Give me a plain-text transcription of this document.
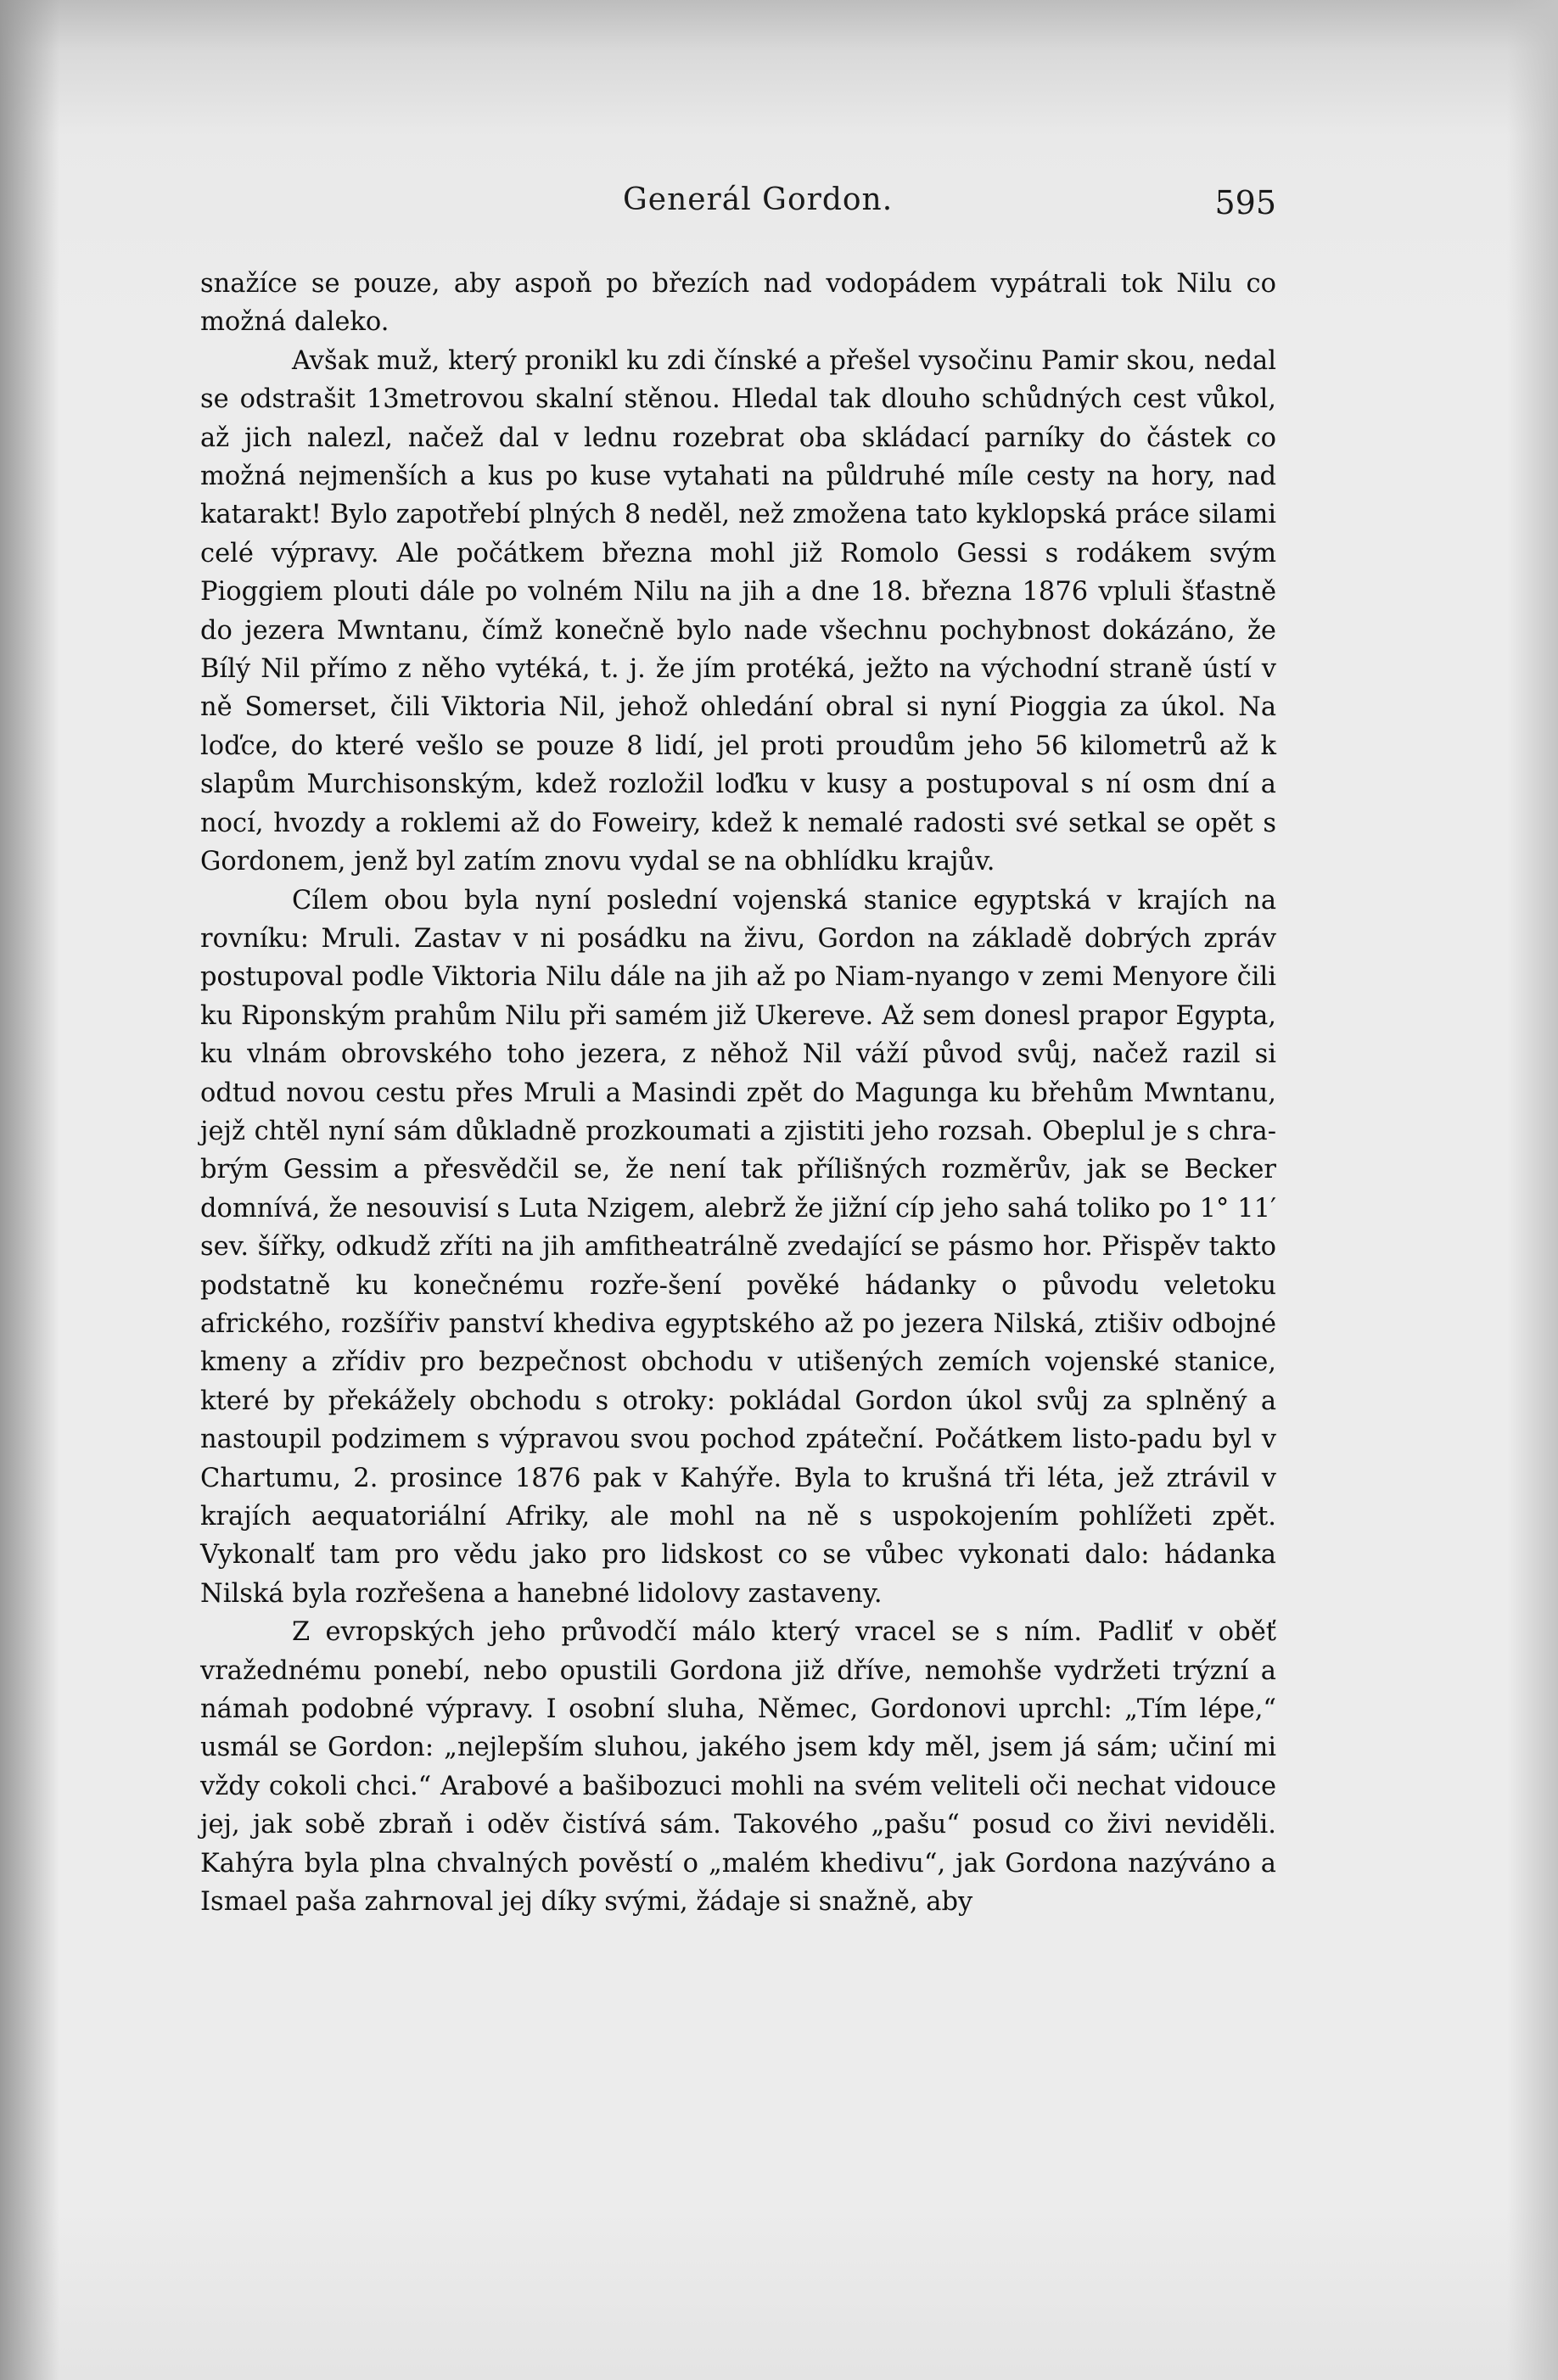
Generál Gordon.	595

snažíce se pouze, aby aspoň po březích nad vodopádem vypátrali tok Nilu co možná daleko.

Avšak muž, který pronikl ku zdi čínské a přešel vysočinu Pamir skou, nedal se odstrašit 13metrovou skalní stěnou. Hledal tak dlouho schůdných cest vůkol, až jich nalezl, načež dal v lednu rozebrat oba skládací parníky do částek co možná nejmenších a kus po kuse vytahati na půldruhé míle cesty na hory, nad katarakt! Bylo zapotřebí plných 8 neděl, než zmožena tato kyklopská práce silami celé výpravy. Ale počátkem března mohl již Romolo Gessi s rodákem svým Pioggiem plouti dále po volném Nilu na jih a dne 18. března 1876 vpluli šťastně do jezera Mwntanu, čímž konečně bylo nade všechnu pochybnost dokázáno, že Bílý Nil přímo z něho vytéká, t. j. že jím protéká, ježto na východní straně ústí v ně Somerset, čili Viktoria Nil, jehož ohledání obral si nyní Pioggia za úkol. Na loďce, do které vešlo se pouze 8 lidí, jel proti proudům jeho 56 kilometrů až k slapům Murchisonským, kdež rozložil loďku v kusy a postupoval s ní osm dní a nocí, hvozdy a roklemi až do Foweiry, kdež k nemalé radosti své setkal se opět s Gordonem, jenž byl zatím znovu vydal se na obhlídku krajův.

Cílem obou byla nyní poslední vojenská stanice egyptská v krajích na rovníku: Mruli. Zastav v ni posádku na živu, Gordon na základě dobrých zpráv postupoval podle Viktoria Nilu dále na jih až po Niam-nyango v zemi Menyore čili ku Riponským prahům Nilu při samém již Ukereve. Až sem donesl prapor Egypta, ku vlnám obrovského toho jezera, z něhož Nil váží původ svůj, načež razil si odtud novou cestu přes Mruli a Masindi zpět do Magunga ku břehům Mwntanu, jejž chtěl nyní sám důkladně prozkoumati a zjistiti jeho rozsah. Obeplul je s chra-brým Gessim a přesvědčil se, že není tak přílišných rozměrův, jak se Becker domnívá, že nesouvisí s Luta Nzigem, alebrž že jižní cíp jeho sahá toliko po 1° 11′ sev. šířky, odkudž zříti na jih amfitheatrálně zvedající se pásmo hor. Přispěv takto podstatně ku konečnému rozře-šení pověké hádanky o původu veletoku afrického, rozšířiv panství khediva egyptského až po jezera Nilská, ztišiv odbojné kmeny a zřídiv pro bezpečnost obchodu v utišených zemích vojenské stanice, které by překážely obchodu s otroky: pokládal Gordon úkol svůj za splněný a nastoupil podzimem s výpravou svou pochod zpáteční. Počátkem listo-padu byl v Chartumu, 2. prosince 1876 pak v Kahýře. Byla to krušná tři léta, jež ztrávil v krajích aequatoriální Afriky, ale mohl na ně s uspokojením pohlížeti zpět. Vykonalť tam pro vědu jako pro lidskost co se vůbec vykonati dalo: hádanka Nilská byla rozřešena a hanebné lidolovy zastaveny.

Z evropských jeho průvodčí málo který vracel se s ním. Padliť v oběť vražednému ponebí, nebo opustili Gordona již dříve, nemohše vydržeti trýzní a námah podobné výpravy. I osobní sluha, Němec, Gordonovi uprchl: „Tím lépe,“ usmál se Gordon: „nejlepším sluhou, jakého jsem kdy měl, jsem já sám; učiní mi vždy cokoli chci.“ Arabové a bašibozuci mohli na svém veliteli oči nechat vidouce jej, jak sobě zbraň i oděv čistívá sám. Takového „pašu“ posud co živi neviděli. Kahýra byla plna chvalných pověstí o „malém khedivu“, jak Gordona nazýváno a Ismael paša zahrnoval jej díky svými, žádaje si snažně, aby
